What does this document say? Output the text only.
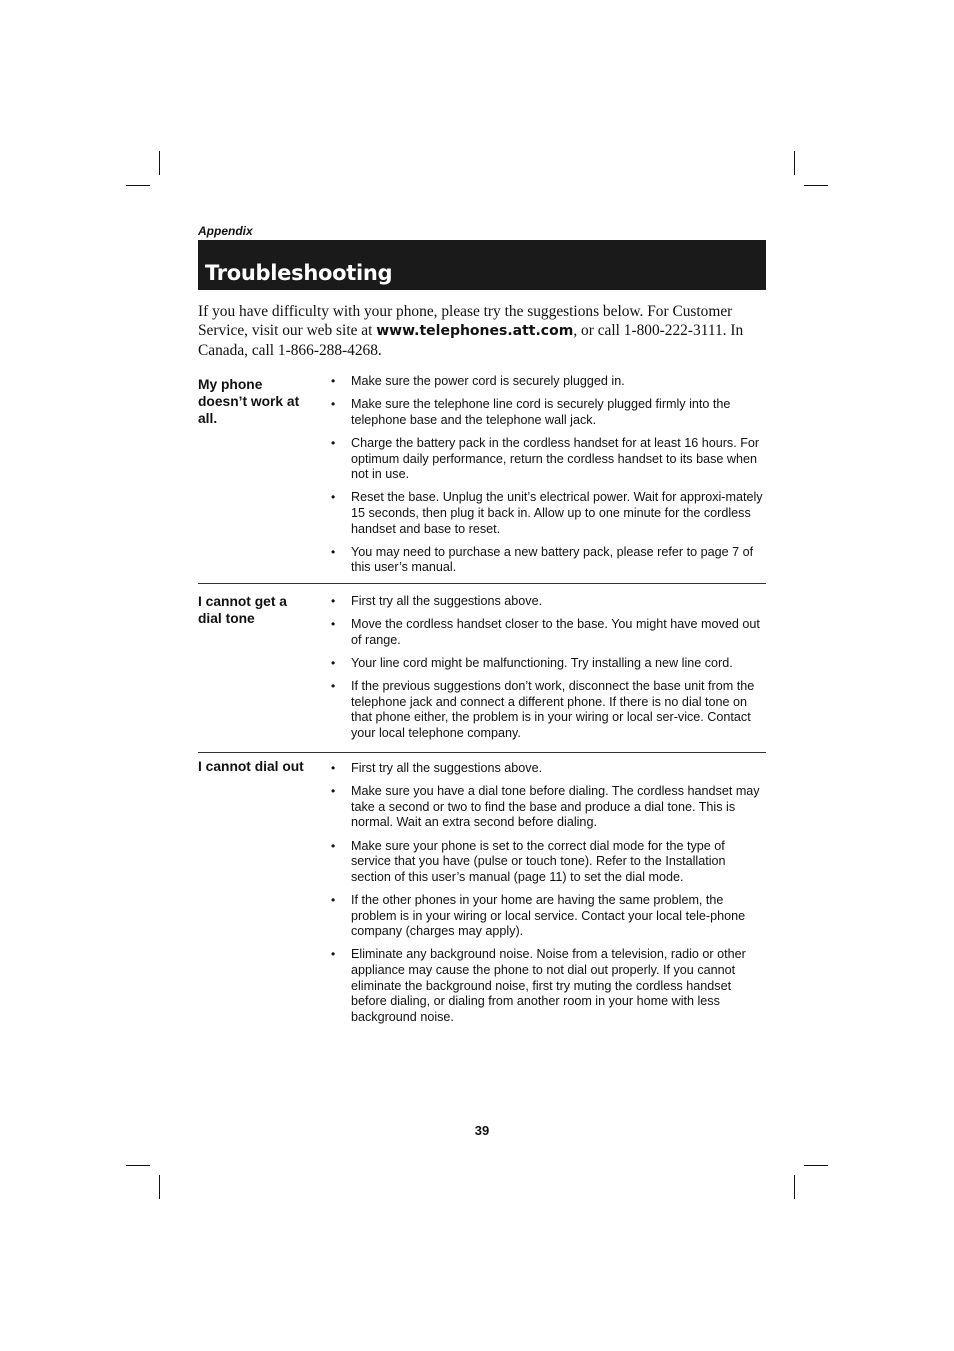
Appendix
Troubleshooting
If you have difficulty with your phone, please try the suggestions below. For Customer Service, visit our web site at www.telephones.att.com, or call 1-800-222-3111. In Canada, call 1-866-288-4268.
My phone doesn’t work at all.
• Make sure the power cord is securely plugged in.
• Make sure the telephone line cord is securely plugged firmly into the telephone base and the telephone wall jack.
• Charge the battery pack in the cordless handset for at least 16 hours. For optimum daily performance, return the cordless handset to its base when not in use.
• Reset the base. Unplug the unit’s electrical power. Wait for approxi-mately 15 seconds, then plug it back in. Allow up to one minute for the cordless handset and base to reset.
• You may need to purchase a new battery pack, please refer to page 7 of this user’s manual.
I cannot get a dial tone
• First try all the suggestions above.
• Move the cordless handset closer to the base. You might have moved out of range.
• Your line cord might be malfunctioning. Try installing a new line cord.
• If the previous suggestions don’t work, disconnect the base unit from the telephone jack and connect a different phone. If there is no dial tone on that phone either, the problem is in your wiring or local ser-vice. Contact your local telephone company.
I cannot dial out	• First try all the suggestions above.
• Make sure you have a dial tone before dialing. The cordless handset may take a second or two to find the base and produce a dial tone. This is normal. Wait an extra second before dialing.
• Make sure your phone is set to the correct dial mode for the type of service that you have (pulse or touch tone). Refer to the Installation section of this user’s manual (page 11) to set the dial mode.
• If the other phones in your home are having the same problem, the problem is in your wiring or local service. Contact your local tele-phone company (charges may apply).
• Eliminate any background noise. Noise from a television, radio or other appliance may cause the phone to not dial out properly. If you cannot eliminate the background noise, first try muting the cordless handset before dialing, or dialing from another room in your home with less background noise.
39
